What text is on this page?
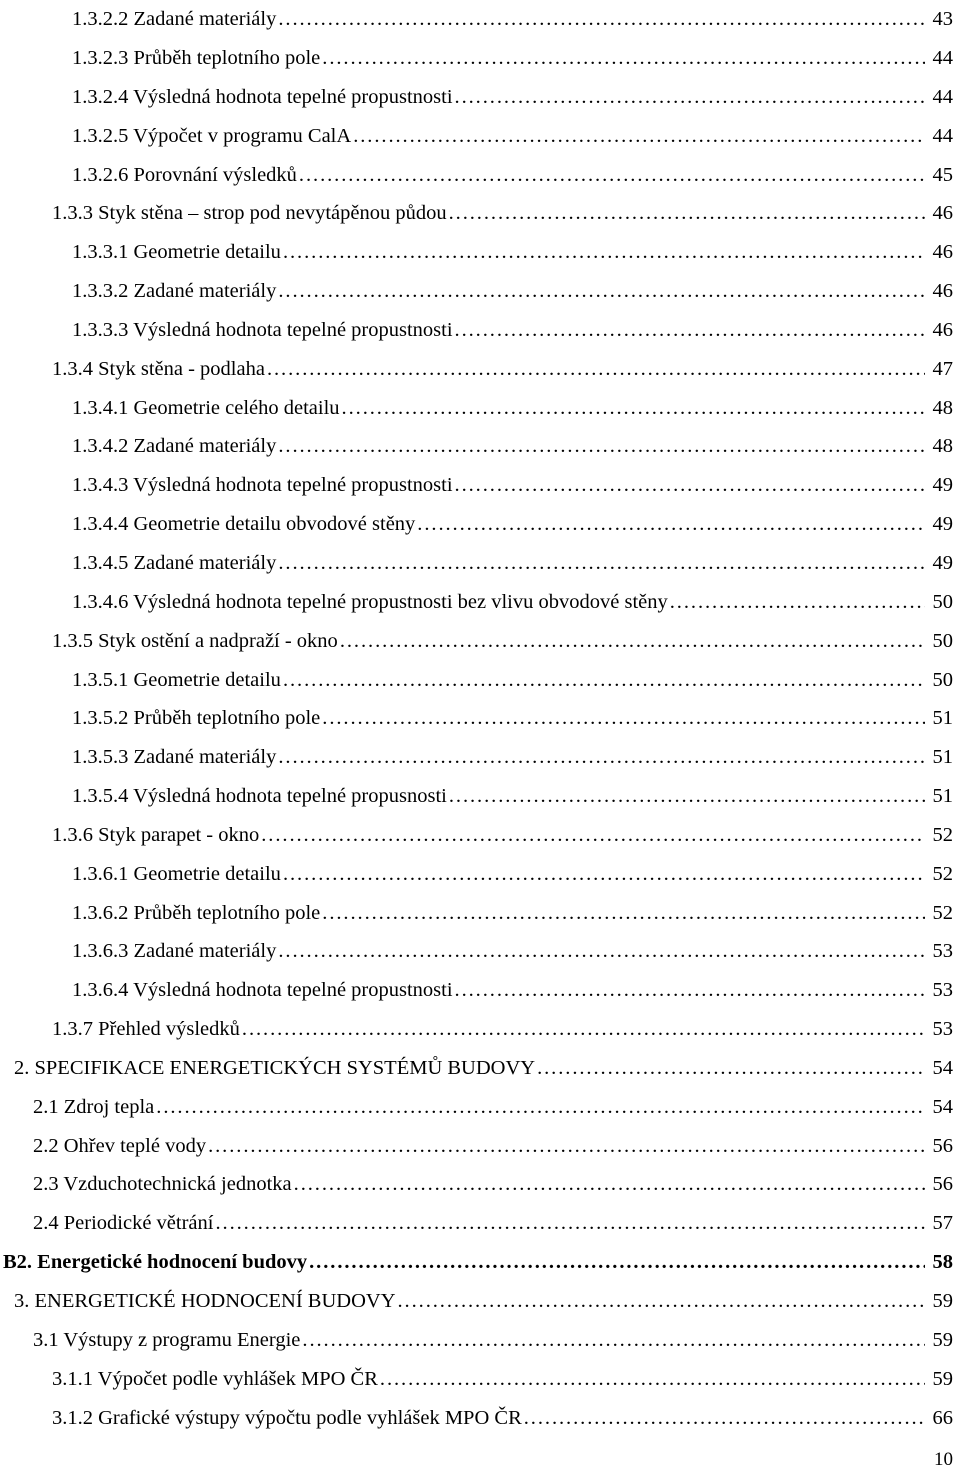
1.3.2.2 Zadané materiály . . .	43
1.3.2.3 Průběh teplotního pole . . .	44
1.3.2.4 Výsledná hodnota tepelné propustnosti . . .	44
1.3.2.5 Výpočet v programu CalA . . .	44
1.3.2.6 Porovnání výsledků . . .	45
1.3.3 Styk stěna – strop pod nevytápěnou půdou . . .	46
1.3.3.1 Geometrie detailu . . .	46
1.3.3.2 Zadané materiály . . .	46
1.3.3.3 Výsledná hodnota tepelné propustnosti . . .	46
1.3.4 Styk stěna - podlaha . . .	47
1.3.4.1 Geometrie celého detailu . . .	48
1.3.4.2 Zadané materiály . . .	48
1.3.4.3 Výsledná hodnota tepelné propustnosti . . .	49
1.3.4.4 Geometrie detailu obvodové stěny . . .	49
1.3.4.5 Zadané materiály . . .	49
1.3.4.6 Výsledná hodnota tepelné propustnosti bez vlivu obvodové stěny . . .	50
1.3.5 Styk ostění a nadpraží - okno . . .	50
1.3.5.1 Geometrie detailu . . .	50
1.3.5.2 Průběh teplotního pole . . .	51
1.3.5.3 Zadané materiály . . .	51
1.3.5.4 Výsledná hodnota tepelné propusnosti . . .	51
1.3.6 Styk parapet - okno . . .	52
1.3.6.1 Geometrie detailu . . .	52
1.3.6.2 Průběh teplotního pole . . .	52
1.3.6.3 Zadané materiály . . .	53
1.3.6.4 Výsledná hodnota tepelné propustnosti . . .	53
1.3.7 Přehled výsledků . . .	53
2. SPECIFIKACE ENERGETICKÝCH SYSTÉMŮ BUDOVY . . .	54
2.1 Zdroj tepla . . .	54
2.2 Ohřev teplé vody . . .	56
2.3 Vzduchotechnická jednotka . . .	56
2.4 Periodické větrání . . .	57
B2. Energetické hodnocení budovy . . .	58
3. ENERGETICKÉ HODNOCENÍ BUDOVY . . .	59
3.1 Výstupy z programu Energie . . .	59
3.1.1 Výpočet podle vyhlášek MPO ČR . . .	59
3.1.2 Grafické výstupy výpočtu podle vyhlášek MPO ČR . . .	66
10
